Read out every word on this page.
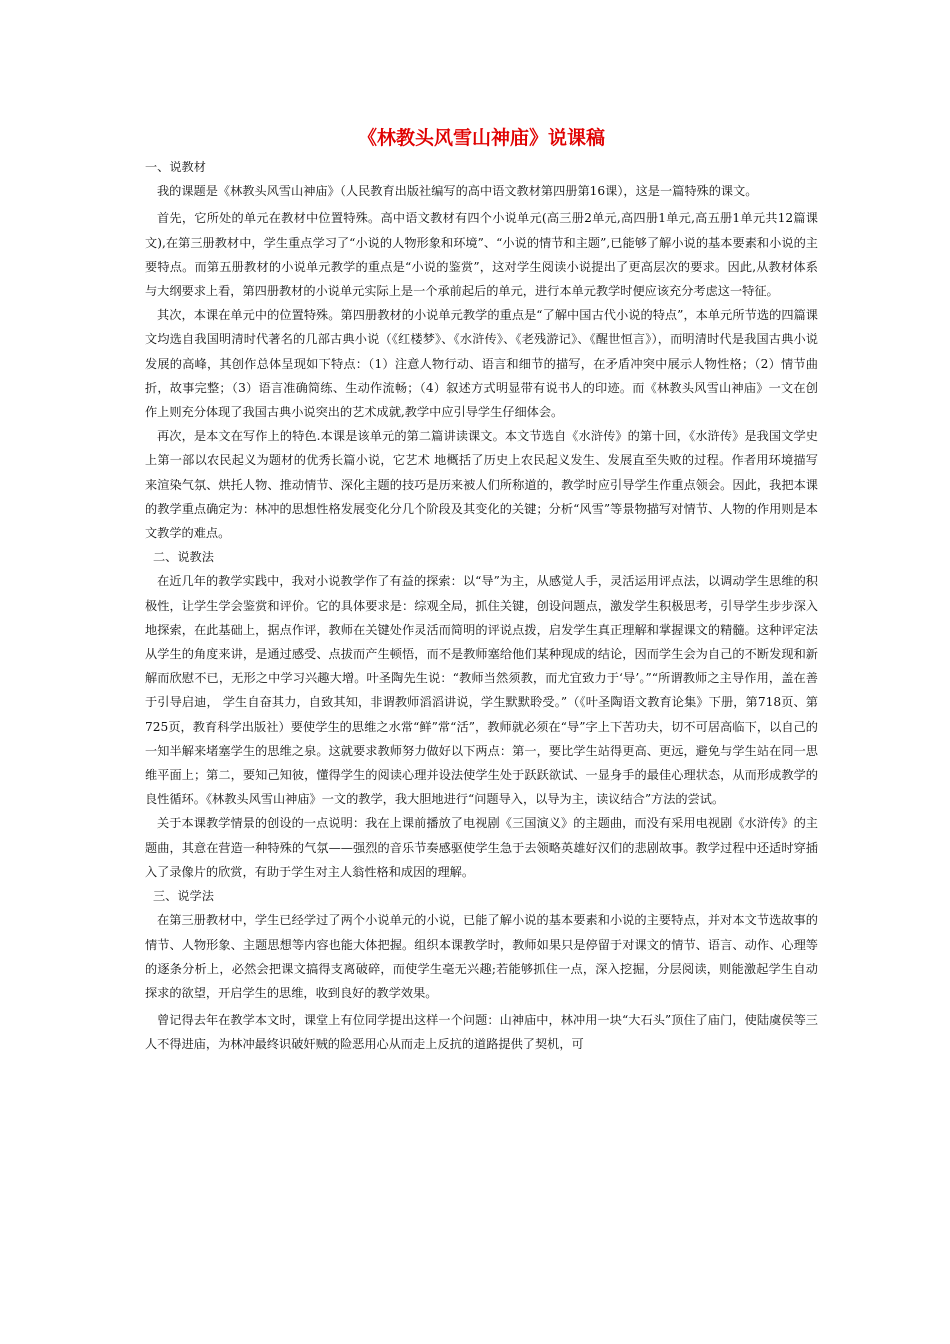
《林教头风雪山神庙》说课稿
一、说教材

我的课题是《林教头风雪山神庙》（人民教育出版社编写的高中语文教材第四册第16课），这是一篇特殊的课文。

首先，它所处的单元在教材中位置特殊。高中语文教材有四个小说单元(高三册2单元,高四册1单元,高五册1单元共12篇课文),在第三册教材中，学生重点学习了“小说的人物形象和环境”、“小说的情节和主题”,已能够了解小说的基本要素和小说的主要特点。而第五册教材的小说单元教学的重点是“小说的鉴赏”，这对学生阅读小说提出了更高层次的要求。因此,从教材体系与大纲要求上看，第四册教材的小说单元实际上是一个承前起后的单元，进行本单元教学时便应该充分考虑这一特征。

其次，本课在单元中的位置特殊。第四册教材的小说单元教学的重点是“了解中国古代小说的特点”，本单元所节选的四篇课文均选自我国明清时代著名的几部古典小说（《红楼梦》、《水浒传》、《老残游记》、《醒世恒言》），而明清时代是我国古典小说发展的高峰，其创作总体呈现如下特点：（1）注意人物行动、语言和细节的描写，在矛盾冲突中展示人物性格；（2）情节曲折，故事完整；（3）语言准确简练、生动作流畅；（4）叙述方式明显带有说书人的印迹。而《林教头风雪山神庙》一文在创作上则充分体现了我国古典小说突出的艺术成就,教学中应引导学生仔细体会。

再次，是本文在写作上的特色.本课是该单元的第二篇讲读课文。本文节选自《水浒传》的第十回，《水浒传》是我国文学史上第一部以农民起义为题材的优秀长篇小说，它艺术 地概括了历史上农民起义发生、发展直至失败的过程。作者用环境描写来渲染气氛、烘托人物、推动情节、深化主题的技巧是历来被人们所称道的，教学时应引导学生作重点领会。因此，我把本课的教学重点确定为：林冲的思想性格发展变化分几个阶段及其变化的关键；分析“风雪”等景物描写对情节、人物的作用则是本文教学的难点。

二、说教法

在近几年的教学实践中，我对小说教学作了有益的探索：以“导”为主，从感觉人手，灵活运用评点法，以调动学生思维的积极性，让学生学会鉴赏和评价。它的具体要求是：综观全局，抓住关键，创设问题点，激发学生积极思考，引导学生步步深入地探索，在此基础上，据点作评，教师在关键处作灵活而简明的评说点拨，启发学生真正理解和掌握课文的精髓。这种评定法从学生的角度来讲，是通过感受、点拔而产生顿悟，而不是教师塞给他们某种现成的结论，因而学生会为自己的不断发现和新解而欣慰不已，无形之中学习兴趣大增。叶圣陶先生说：“教师当然须教，而尤宜致力于‘导’。”“所谓教师之主导作用，盖在善于引导启迪， 学生自奋其力，自致其知，非谓教师滔滔讲说，学生默默聆受。”（《叶圣陶语文教育论集》下册，第718页、第725页，教育科学出版社）要使学生的思维之水常“鲜”常“活”，教师就必须在“导”字上下苦功夫，切不可居高临下，以自己的一知半解来堵塞学生的思维之泉。这就要求教师努力做好以下两点：第一，要比学生站得更高、更远，避免与学生站在同一思维平面上；第二，要知己知彼，懂得学生的阅读心理并设法使学生处于跃跃欲试、一显身手的最佳心理状态，从而形成教学的良性循环。《林教头风雪山神庙》一文的教学，我大胆地进行“问题导入，以导为主，读议结合”方法的尝试。

关于本课教学情景的创设的一点说明：我在上课前播放了电视剧《三国演义》的主题曲，而没有采用电视剧《水浒传》的主题曲，其意在营造一种特殊的气氛——强烈的音乐节奏感驱使学生急于去领略英雄好汉们的悲剧故事。教学过程中还适时穿插入了录像片的欣赏，有助于学生对主人翁性格和成因的理解。

三、说学法

在第三册教材中，学生已经学过了两个小说单元的小说，已能了解小说的基本要素和小说的主要特点，并对本文节选故事的情节、人物形象、主题思想等内容也能大体把握。组织本课教学时，教师如果只是停留于对课文的情节、语言、动作、心理等的逐条分析上，必然会把课文搞得支离破碎，而使学生毫无兴趣;若能够抓住一点，深入挖掘，分层阅读，则能激起学生自动探求的欲望，开启学生的思维，收到良好的教学效果。

曾记得去年在教学本文时，课堂上有位同学提出这样一个问题：山神庙中，林冲用一块“大石头”顶住了庙门，使陆虞侯等三人不得进庙，为林冲最终识破奸贼的险恶用心从而走上反抗的道路提供了契机，可
